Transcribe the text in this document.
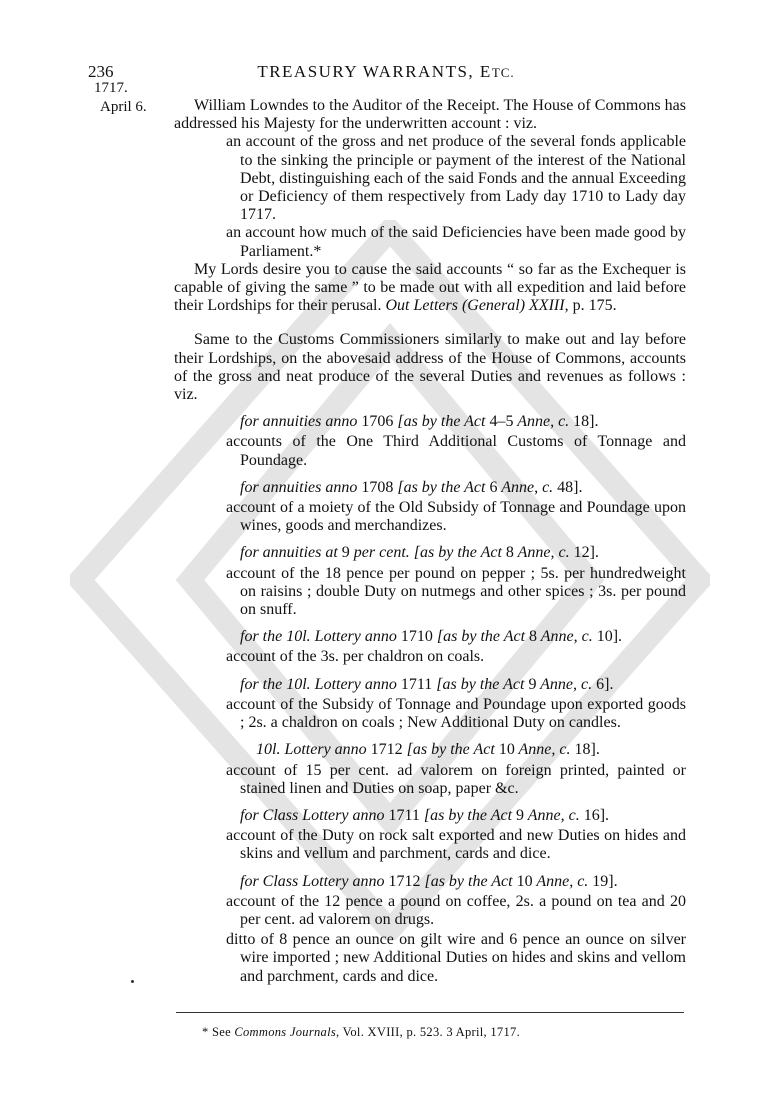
236	TREASURY WARRANTS, ETC.
1717.
April 6.	William Lowndes to the Auditor of the Receipt. The House of Commons has addressed his Majesty for the underwritten account : viz.

an account of the gross and net produce of the several fonds applicable to the sinking the principle or payment of the interest of the National Debt, distinguishing each of the said Fonds and the annual Exceeding or Deficiency of them respectively from Lady day 1710 to Lady day 1717.

an account how much of the said Deficiencies have been made good by Parliament.*

My Lords desire you to cause the said accounts “ so far as the Exchequer is capable of giving the same ” to be made out with all expedition and laid before their Lordships for their perusal. Out Letters (General) XXIII, p. 175.

Same to the Customs Commissioners similarly to make out and lay before their Lordships, on the abovesaid address of the House of Commons, accounts of the gross and neat produce of the several Duties and revenues as follows : viz.

for annuities anno 1706 [as by the Act 4–5 Anne, c. 18].

accounts of the One Third Additional Customs of Tonnage and Poundage.

for annuities anno 1708 [as by the Act 6 Anne, c. 48].

account of a moiety of the Old Subsidy of Tonnage and Poundage upon wines, goods and merchandizes.

for annuities at 9 per cent. [as by the Act 8 Anne, c. 12].

account of the 18 pence per pound on pepper ; 5s. per hundredweight on raisins ; double Duty on nutmegs and other spices ; 3s. per pound on snuff.

for the 10l. Lottery anno 1710 [as by the Act 8 Anne, c. 10].

account of the 3s. per chaldron on coals.

for the 10l. Lottery anno 1711 [as by the Act 9 Anne, c. 6].

account of the Subsidy of Tonnage and Poundage upon exported goods ; 2s. a chaldron on coals ; New Additional Duty on candles.

10l. Lottery anno 1712 [as by the Act 10 Anne, c. 18].

account of 15 per cent. ad valorem on foreign printed, painted or stained linen and Duties on soap, paper &c.

for Class Lottery anno 1711 [as by the Act 9 Anne, c. 16].

account of the Duty on rock salt exported and new Duties on hides and skins and vellum and parchment, cards and dice.

for Class Lottery anno 1712 [as by the Act 10 Anne, c. 19].

account of the 12 pence a pound on coffee, 2s. a pound on tea and 20 per cent. ad valorem on drugs.

ditto of 8 pence an ounce on gilt wire and 6 pence an ounce on silver wire imported ; new Additional Duties on hides and skins and vellom and parchment, cards and dice.

* See Commons Journals, Vol. XVIII, p. 523. 3 April, 1717.
